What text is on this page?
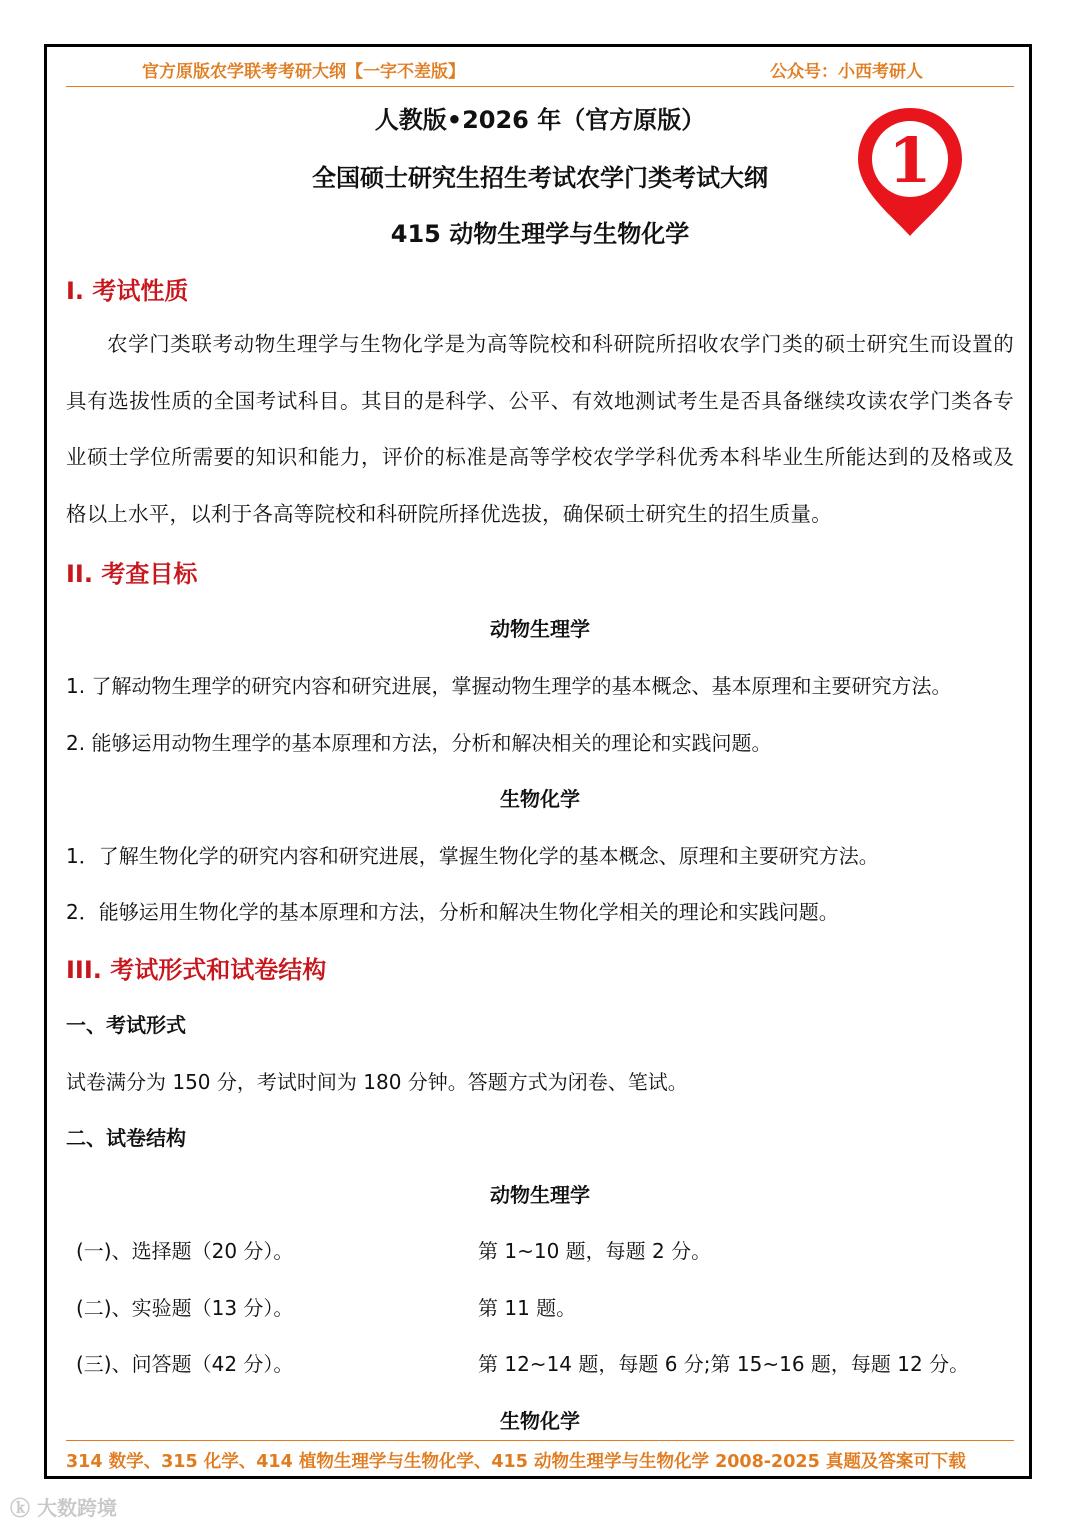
官方原版农学联考考研大纲【一字不差版】	公众号：小西考研人
人教版•2026 年（官方原版）
全国硕士研究生招生考试农学门类考试大纲
415 动物生理学与生物化学
1
I. 考试性质
农学门类联考动物生理学与生物化学是为高等院校和科研院所招收农学门类的硕士研究生而设置的具有选拔性质的全国考试科目。其目的是科学、公平、有效地测试考生是否具备继续攻读农学门类各专业硕士学位所需要的知识和能力，评价的标准是高等学校农学学科优秀本科毕业生所能达到的及格或及格以上水平，以利于各高等院校和科研院所择优选拔，确保硕士研究生的招生质量。
II. 考查目标
动物生理学
1. 了解动物生理学的研究内容和研究进展，掌握动物生理学的基本概念、基本原理和主要研究方法。
2. 能够运用动物生理学的基本原理和方法，分析和解决相关的理论和实践问题。
生物化学
1．了解生物化学的研究内容和研究进展，掌握生物化学的基本概念、原理和主要研究方法。
2．能够运用生物化学的基本原理和方法，分析和解决生物化学相关的理论和实践问题。
III. 考试形式和试卷结构
一、考试形式
试卷满分为 150 分，考试时间为 180 分钟。答题方式为闭卷、笔试。
二、试卷结构
动物生理学
(一)、选择题（20 分）。	第 1~10 题，每题 2 分。
(二)、实验题（13 分）。	第 11 题。
(三)、问答题（42 分）。	第 12~14 题，每题 6 分;第 15~16 题，每题 12 分。
生物化学
314 数学、315 化学、414 植物生理学与生物化学、415 动物生理学与生物化学 2008-2025 真题及答案可下载
ⓚ 大数跨境
